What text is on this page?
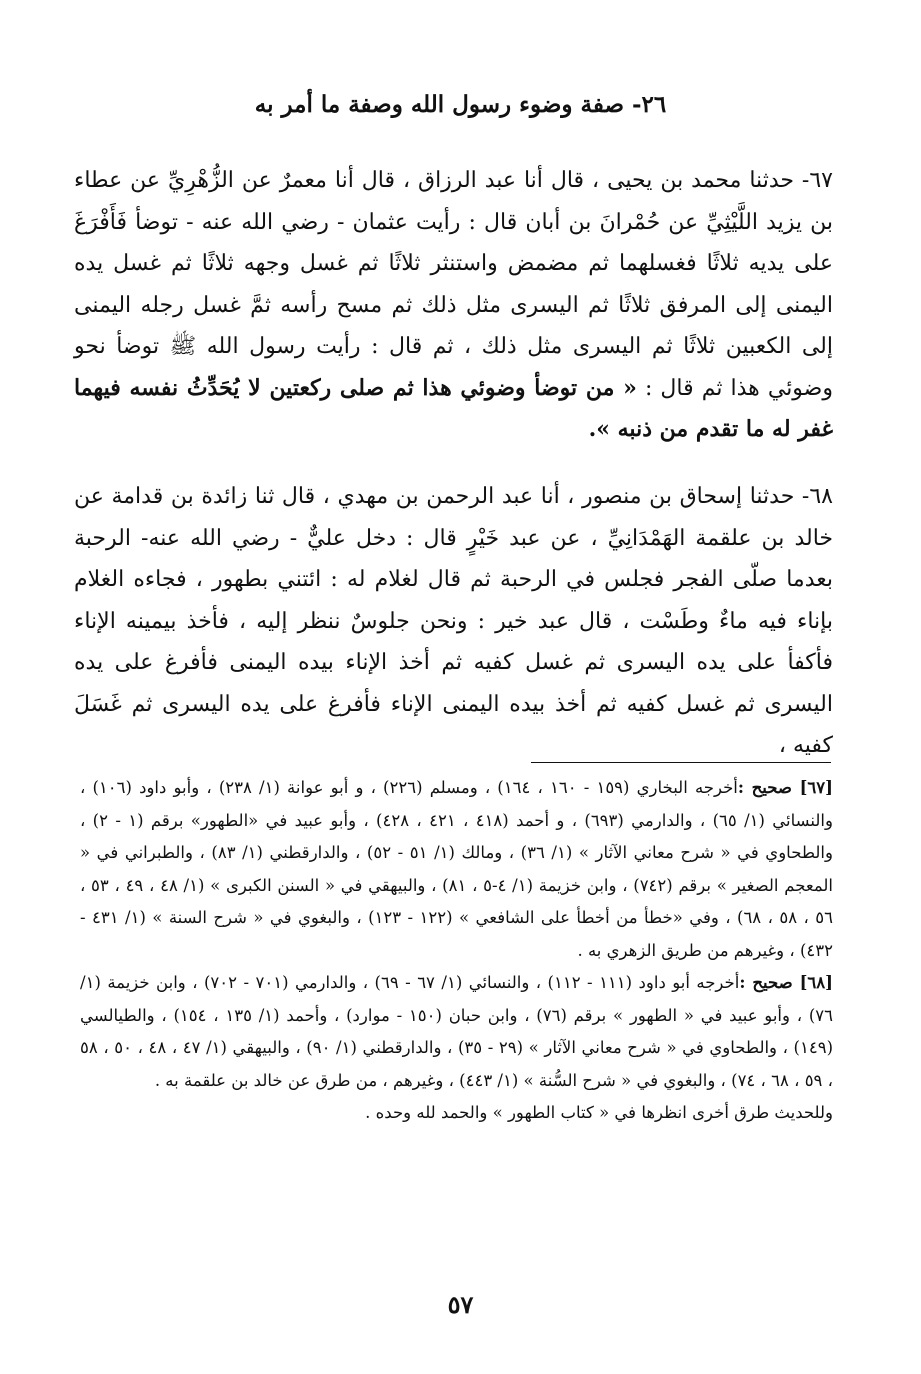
٢٦- صفة وضوء رسول الله وصفة ما أمر به
٦٧- حدثنا محمد بن يحيى ، قال أنا عبد الرزاق ، قال أنا معمرٌ عن الزُّهْرِيِّ عن عطاء بن يزيد اللَّيْثِيِّ عن حُمْرانَ بن أبان قال : رأيت عثمان - رضي الله عنه - توضأ فَأَفْرَغَ على يديه ثلاثًا فغسلهما ثم مضمض واستنثر ثلاثًا ثم غسل وجهه ثلاثًا ثم غسل يده اليمنى إلى المرفق ثلاثًا ثم اليسرى مثل ذلك ثم مسح رأسه ثمَّ غسل رجله اليمنى إلى الكعبين ثلاثًا ثم اليسرى مثل ذلك ، ثم قال : رأيت رسول الله ﷺ توضأ نحو وضوئي هذا ثم قال : « من توضأ وضوئي هذا ثم صلى ركعتين لا يُحَدِّثُ نفسه فيهما غفر له ما تقدم من ذنبه ».
٦٨- حدثنا إسحاق بن منصور ، أنا عبد الرحمن بن مهدي ، قال ثنا زائدة بن قدامة عن خالد بن علقمة الهَمْدَانِيِّ ، عن عبد خَيْرٍ قال : دخل عليٌّ - رضي الله عنه- الرحبة بعدما صلّى الفجر فجلس في الرحبة ثم قال لغلام له : ائتني بطهور ، فجاءه الغلام بإناء فيه ماءٌ وطَسْت ، قال عبد خير : ونحن جلوسٌ ننظر إليه ، فأخذ بيمينه الإناء فأكفأ على يده اليسرى ثم غسل كفيه ثم أخذ الإناء بيده اليمنى فأفرغ على يده اليسرى ثم غسل كفيه ثم أخذ بيده اليمنى الإناء فأفرغ على يده اليسرى ثم غَسَلَ كفيه ،

[٦٧] صحيح :أخرجه البخاري (١٥٩ - ١٦٠ ، ١٦٤) ، ومسلم (٢٢٦) ، و أبو عوانة (١/ ٢٣٨) ، وأبو داود (١٠٦) ، والنسائي (١/ ٦٥) ، والدارمي (٦٩٣) ، و أحمد (٤١٨ ، ٤٢١ ، ٤٢٨) ، وأبو عبيد في «الطهور» برقم (١ - ٢) ، والطحاوي في « شرح معاني الآثار » (١/ ٣٦) ، ومالك (١/ ٥١ - ٥٢) ، والدارقطني (١/ ٨٣) ، والطبراني في « المعجم الصغير » برقم (٧٤٢) ، وابن خزيمة (١/ ٤-٥ ، ٨١) ، والبيهقي في « السنن الكبرى » (١/ ٤٨ ، ٤٩ ، ٥٣ ، ٥٦ ، ٥٨ ، ٦٨) ، وفي «خطأ من أخطأ على الشافعي » (١٢٢ - ١٢٣) ، والبغوي في « شرح السنة » (١/ ٤٣١ - ٤٣٢) ، وغيرهم من طريق الزهري به .

[٦٨] صحيح :أخرجه أبو داود (١١١ - ١١٢) ، والنسائي (١/ ٦٧ - ٦٩) ، والدارمي (٧٠١ - ٧٠٢) ، وابن خزيمة (١/ ٧٦) ، وأبو عبيد في « الطهور » برقم (٧٦) ، وابن حبان (١٥٠ - موارد) ، وأحمد (١/ ١٣٥ ، ١٥٤) ، والطيالسي (١٤٩) ، والطحاوي في « شرح معاني الآثار » (٢٩ - ٣٥) ، والدارقطني (١/ ٩٠) ، والبيهقي (١/ ٤٧ ، ٤٨ ، ٥٠ ، ٥٨ ، ٥٩ ، ٦٨ ، ٧٤) ، والبغوي في « شرح السُّنة » (١/ ٤٤٣) ، وغيرهم ، من طرق عن خالد بن علقمة به .

وللحديث طرق أخرى انظرها في « كتاب الطهور » والحمد لله وحده .

٥٧
